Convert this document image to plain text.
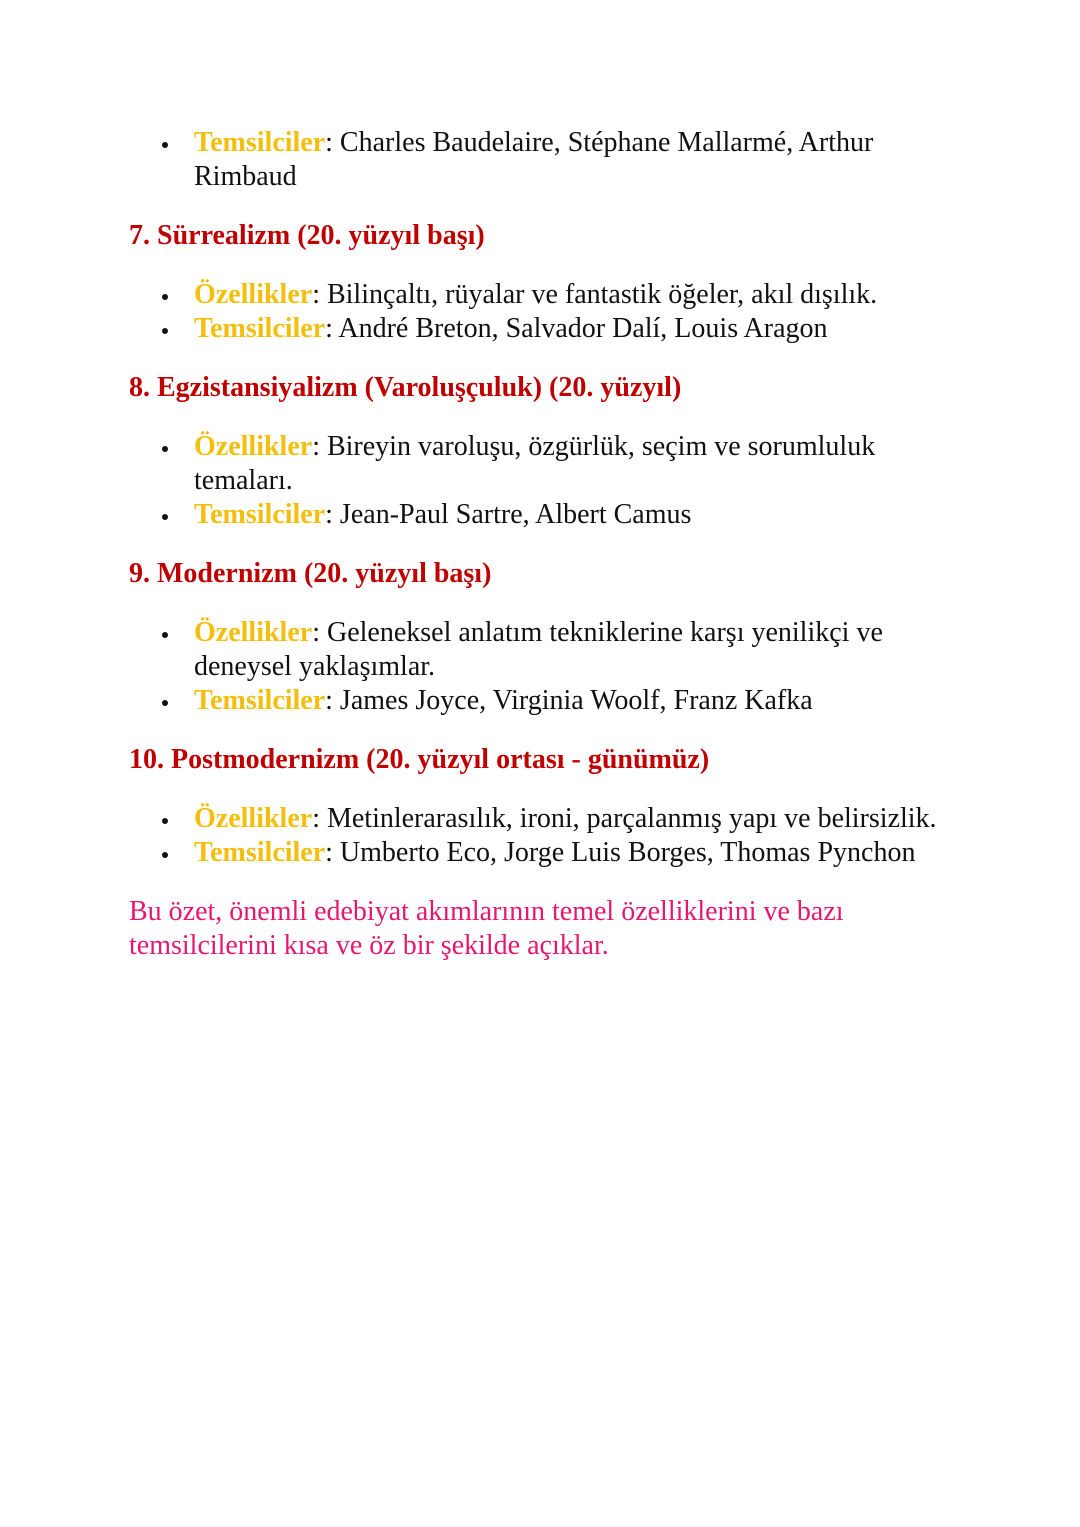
Temsilciler: Charles Baudelaire, Stéphane Mallarmé, Arthur Rimbaud
7. Sürrealizm (20. yüzyıl başı)
Özellikler: Bilinçaltı, rüyalar ve fantastik öğeler, akıl dışılık.
Temsilciler: André Breton, Salvador Dalí, Louis Aragon
8. Egzistansiyalizm (Varoluşçuluk) (20. yüzyıl)
Özellikler: Bireyin varoluşu, özgürlük, seçim ve sorumluluk temaları.
Temsilciler: Jean-Paul Sartre, Albert Camus
9. Modernizm (20. yüzyıl başı)
Özellikler: Geleneksel anlatım tekniklerine karşı yenilikçi ve deneysel yaklaşımlar.
Temsilciler: James Joyce, Virginia Woolf, Franz Kafka
10. Postmodernizm (20. yüzyıl ortası - günümüz)
Özellikler: Metinlerarasılık, ironi, parçalanmış yapı ve belirsizlik.
Temsilciler: Umberto Eco, Jorge Luis Borges, Thomas Pynchon

Bu özet, önemli edebiyat akımlarının temel özelliklerini ve bazı temsilcilerini kısa ve öz bir şekilde açıklar.
